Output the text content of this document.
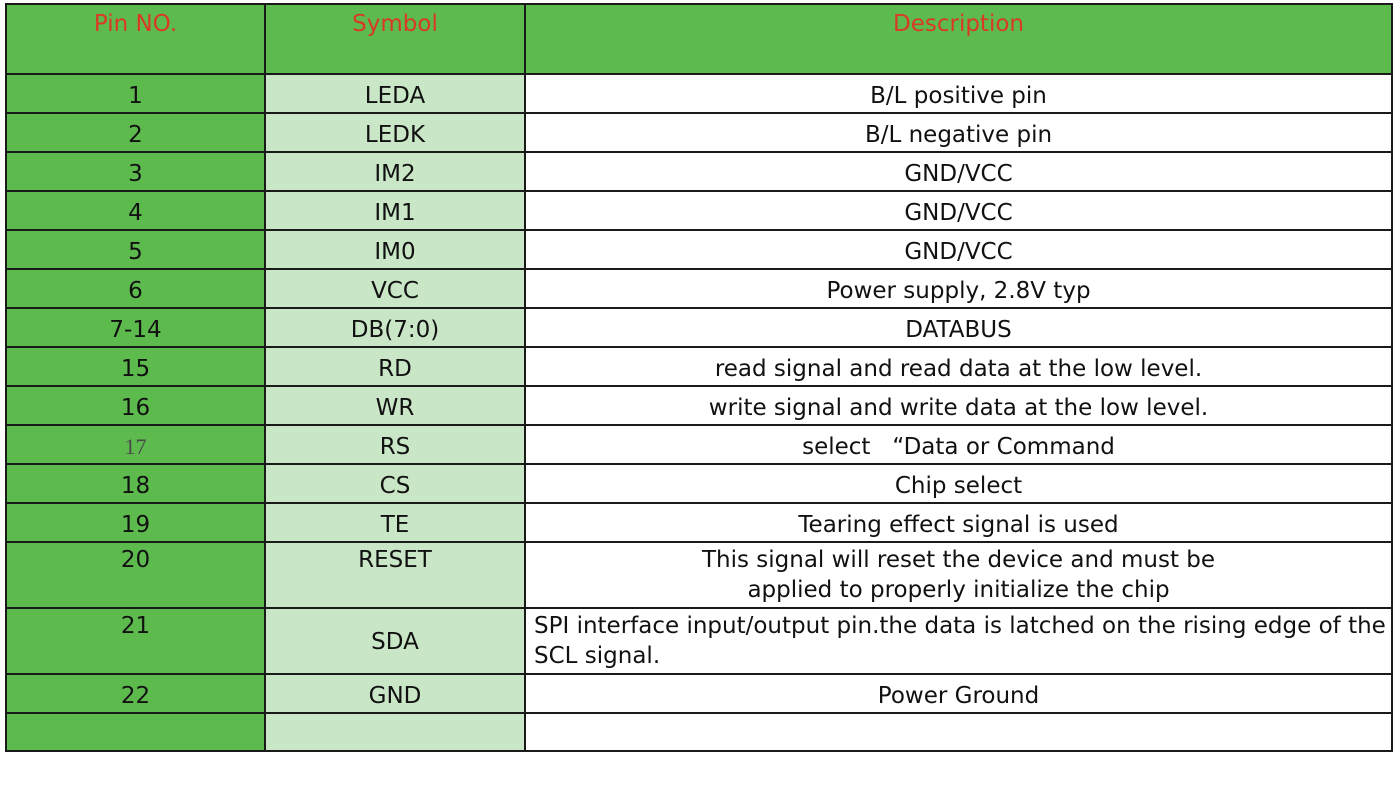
Pin NO.	Symbol	Description
1	LEDA	B/L positive pin
2	LEDK	B/L negative pin
3	IM2	GND/VCC
4	IM1	GND/VCC
5	IM0	GND/VCC
6	VCC	Power supply, 2.8V typ
7-14	DB(7:0)	DATABUS
15	RD	read signal and read data at the low level.
16	WR	write signal and write data at the low level.
17	RS	select   “Data or Command
18	CS	Chip select
19	TE	Tearing effect signal is used
20	RESET	This signal will reset the device and must be
applied to properly initialize the chip

21	SDA	SPI interface input/output pin.the data is latched on the rising edge of the SCL signal.
22	GND	Power Ground
